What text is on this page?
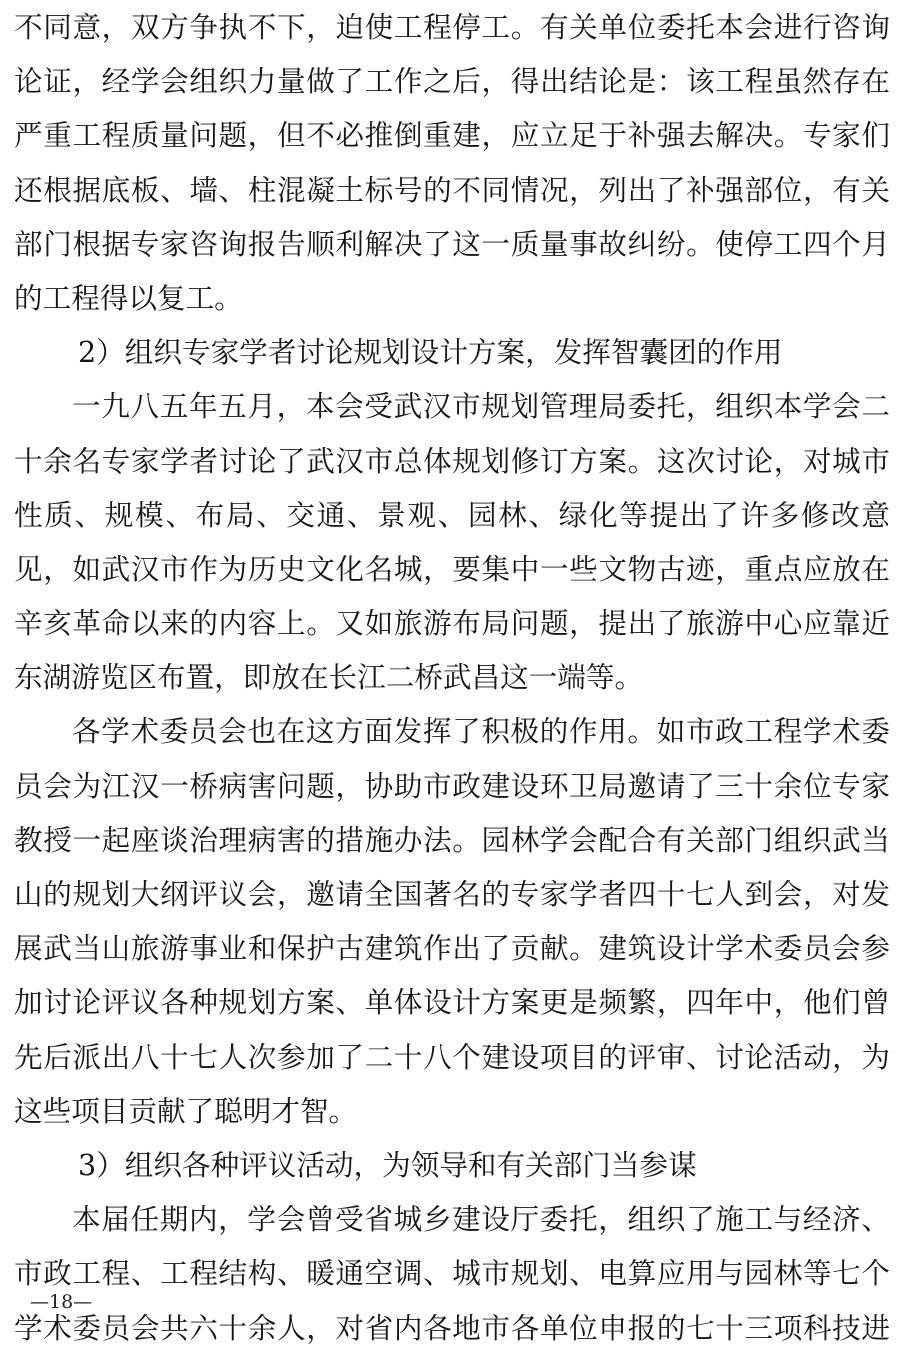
不同意，双方争执不下，迫使工程停工。有关单位委托本会进行咨询
论证，经学会组织力量做了工作之后，得出结论是：该工程虽然存在
严重工程质量问题，但不必推倒重建，应立足于补强去解决。专家们
还根据底板、墙、柱混凝土标号的不同情况，列出了补强部位，有关
部门根据专家咨询报告顺利解决了这一质量事故纠纷。使停工四个月
的工程得以复工。
2）组织专家学者讨论规划设计方案，发挥智囊团的作用
一九八五年五月，本会受武汉市规划管理局委托，组织本学会二
十余名专家学者讨论了武汉市总体规划修订方案。这次讨论，对城市
性质、规模、布局、交通、景观、园林、绿化等提出了许多修改意
见，如武汉市作为历史文化名城，要集中一些文物古迹，重点应放在
辛亥革命以来的内容上。又如旅游布局问题，提出了旅游中心应靠近
东湖游览区布置，即放在长江二桥武昌这一端等。
各学术委员会也在这方面发挥了积极的作用。如市政工程学术委
员会为江汉一桥病害问题，协助市政建设环卫局邀请了三十余位专家
教授一起座谈治理病害的措施办法。园林学会配合有关部门组织武当
山的规划大纲评议会，邀请全国著名的专家学者四十七人到会，对发
展武当山旅游事业和保护古建筑作出了贡献。建筑设计学术委员会参
加讨论评议各种规划方案、单体设计方案更是频繁，四年中，他们曾
先后派出八十七人次参加了二十八个建设项目的评审、讨论活动，为
这些项目贡献了聪明才智。
3）组织各种评议活动，为领导和有关部门当参谋
本届任期内，学会曾受省城乡建设厅委托，组织了施工与经济、
市政工程、工程结构、暖通空调、城市规划、电算应用与园林等七个
学术委员会共六十余人，对省内各地市各单位申报的七十三项科技进
—18—
